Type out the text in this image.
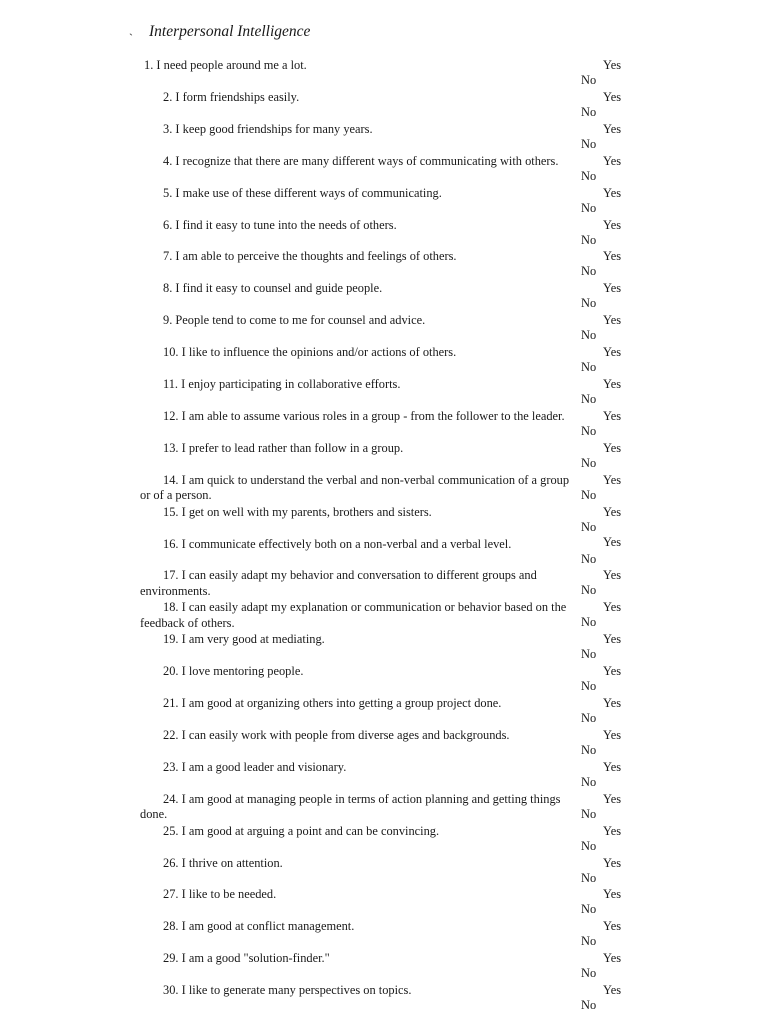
` Interpersonal Intelligence
1. I need people around me a lot.	Yes
No
2. I form friendships easily.	Yes
No
3. I keep good friendships for many years.	Yes
No
4. I recognize that there are many different ways of communicating with others.	Yes
No
5. I make use of these different ways of communicating.	Yes
No
6. I find it easy to tune into the needs of others.	Yes
No
7. I am able to perceive the thoughts and feelings of others.	Yes
No
8. I find it easy to counsel and guide people.	Yes
No
9. People tend to come to me for counsel and advice.	Yes
No
10. I like to influence the opinions and/or actions of others.	Yes
No
11. I enjoy participating in collaborative efforts.	Yes
No
12. I am able to assume various roles in a group - from the follower to the leader.	Yes
No
13. I prefer to lead rather than follow in a group.	Yes
No
14. I am quick to understand the verbal and non-verbal communication of a group or of a person.
Yes
No
15. I get on well with my parents, brothers and sisters.	Yes
No
16. I communicate effectively both on a non-verbal and a verbal level.	Yes
No
17. I can easily adapt my behavior and conversation to different groups and environments.
Yes
No
18. I can easily adapt my explanation or communication or behavior based on the feedback of others.
Yes
No
19. I am very good at mediating.	Yes
No
20. I love mentoring people.	Yes
No
21. I am good at organizing others into getting a group project done.	Yes
No
22. I can easily work with people from diverse ages and backgrounds.	Yes
No
23. I am a good leader and visionary.	Yes
No
24. I am good at managing people in terms of action planning and getting things done.
Yes
No
25. I am good at arguing a point and can be convincing.	Yes
No
26. I thrive on attention.	Yes
No
27. I like to be needed.	Yes
No
28. I am good at conflict management.	Yes
No
29. I am a good "solution-finder."	Yes
No
30. I like to generate many perspectives on topics.	Yes
No
